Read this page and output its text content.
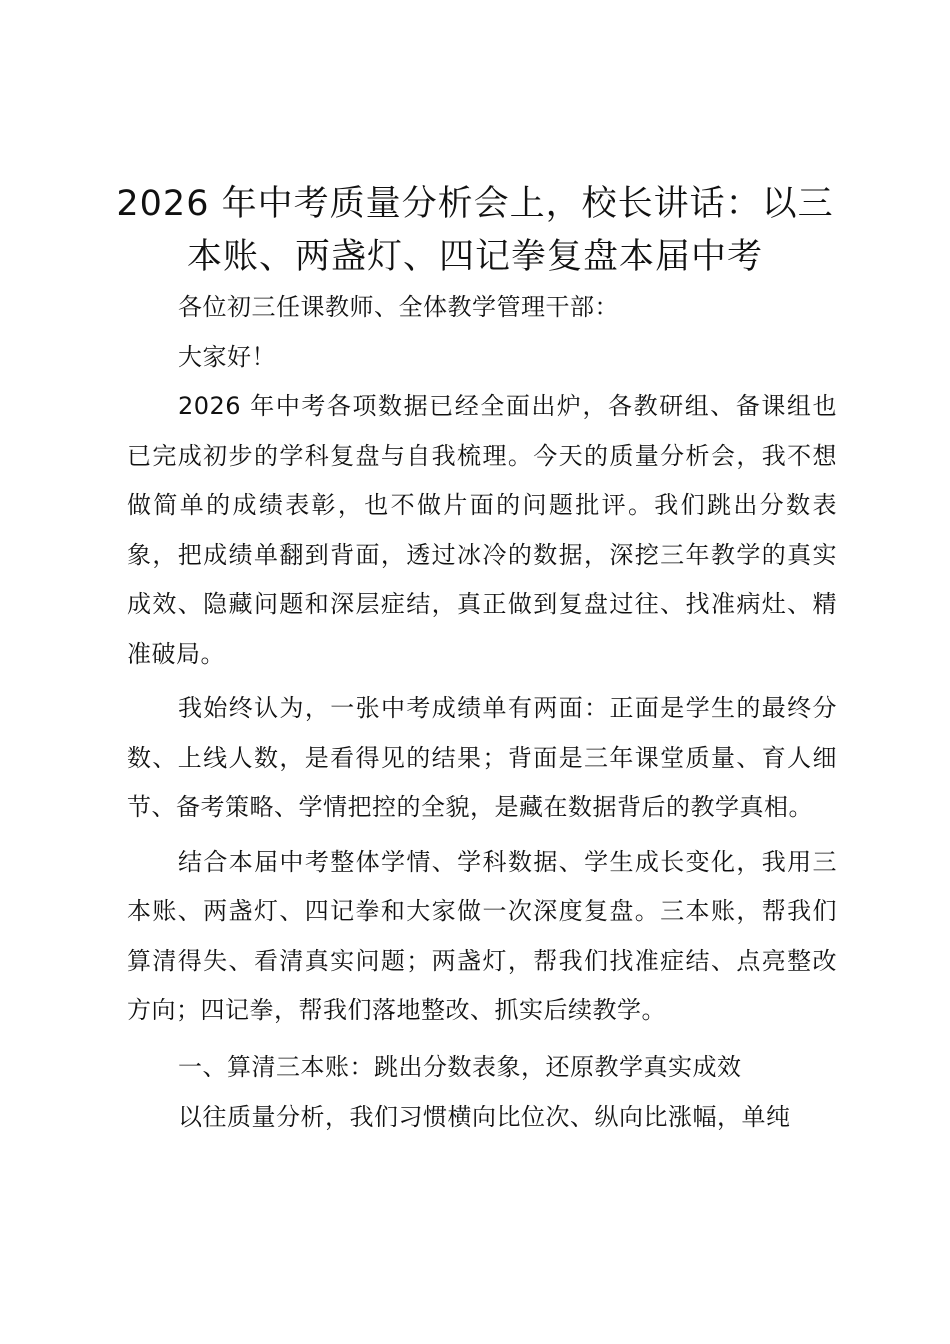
2026 年中考质量分析会上，校长讲话：以三
本账、两盏灯、四记拳复盘本届中考

各位初三任课教师、全体教学管理干部：

大家好！

2026 年中考各项数据已经全面出炉，各教研组、备课组也已完成初步的学科复盘与自我梳理。今天的质量分析会，我不想做简单的成绩表彰，也不做片面的问题批评。我们跳出分数表象，把成绩单翻到背面，透过冰冷的数据，深挖三年教学的真实成效、隐藏问题和深层症结，真正做到复盘过往、找准病灶、精准破局。

我始终认为，一张中考成绩单有两面：正面是学生的最终分数、上线人数，是看得见的结果；背面是三年课堂质量、育人细节、备考策略、学情把控的全貌，是藏在数据背后的教学真相。

结合本届中考整体学情、学科数据、学生成长变化，我用三本账、两盏灯、四记拳和大家做一次深度复盘。三本账，帮我们算清得失、看清真实问题；两盏灯，帮我们找准症结、点亮整改方向；四记拳，帮我们落地整改、抓实后续教学。

一、算清三本账：跳出分数表象，还原教学真实成效

以往质量分析，我们习惯横向比位次、纵向比涨幅，单纯
